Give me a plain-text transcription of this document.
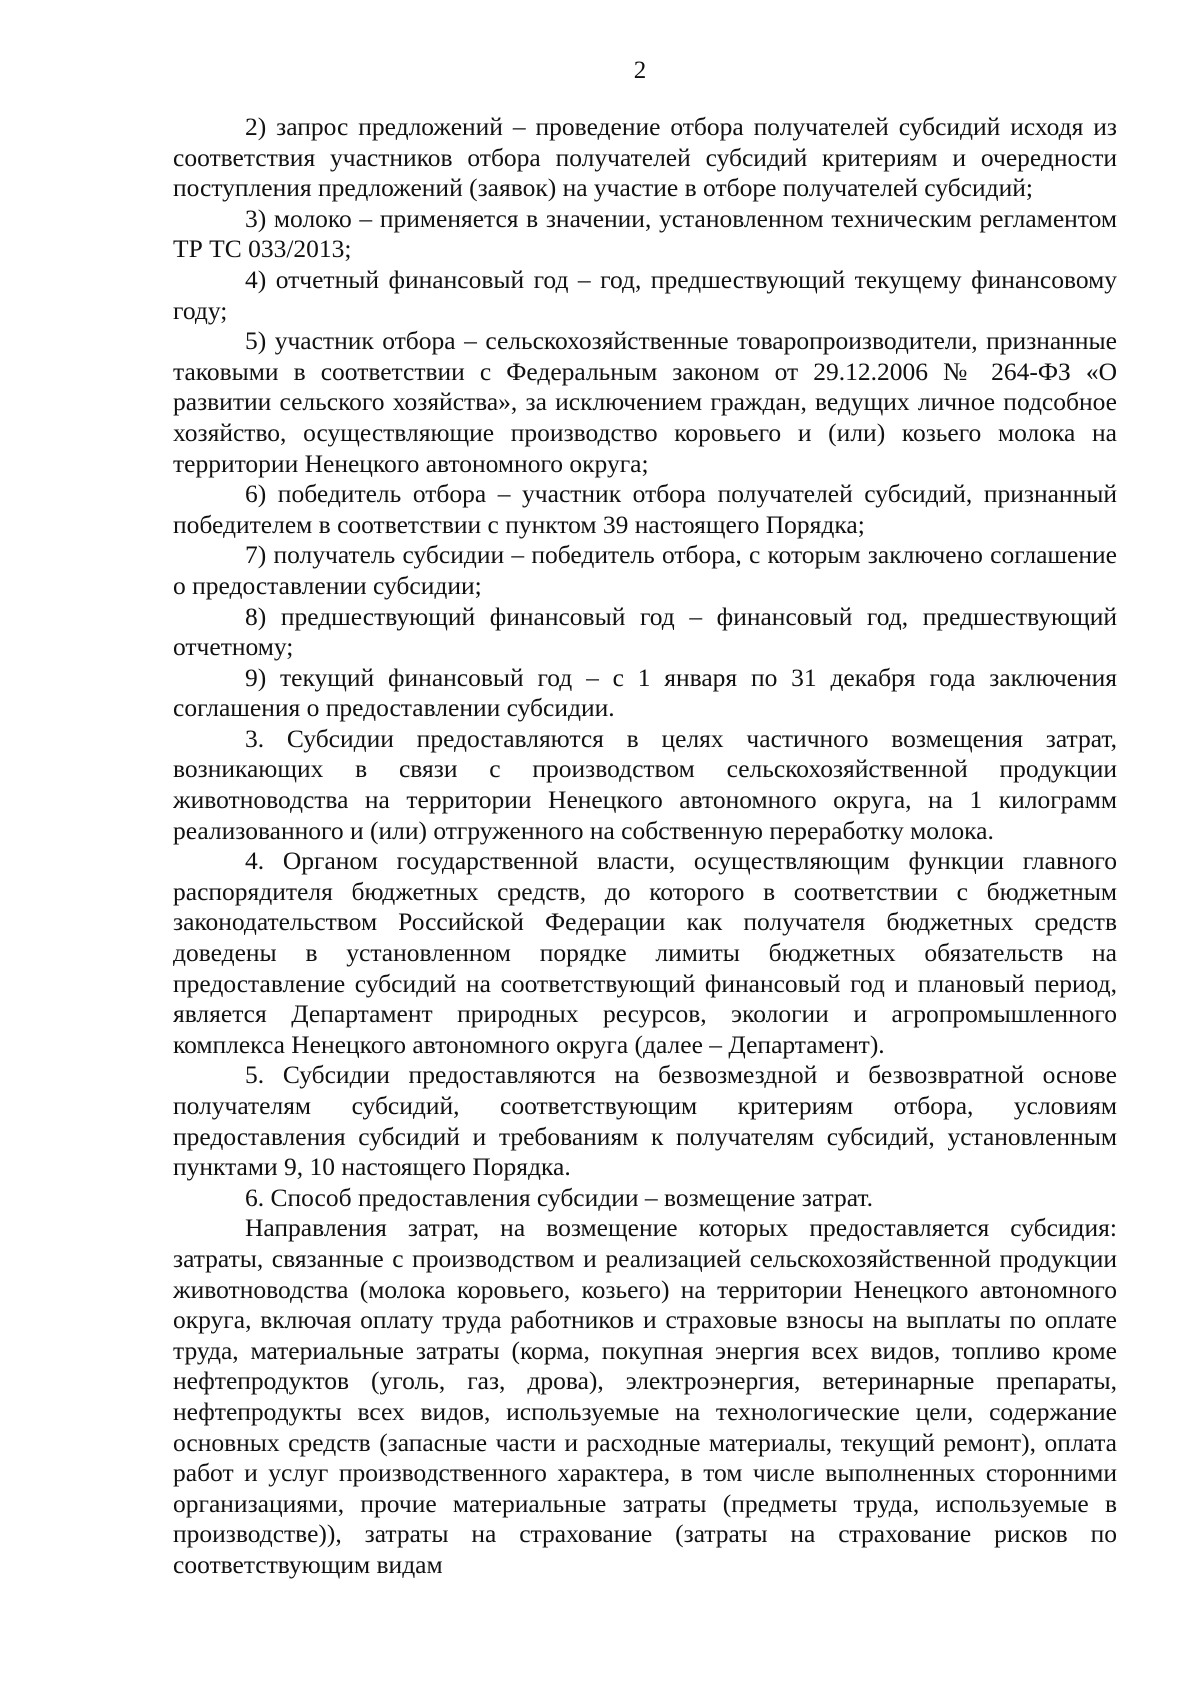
2

2) запрос предложений – проведение отбора получателей субсидий исходя из соответствия участников отбора получателей субсидий критериям и очередности поступления предложений (заявок) на участие в отборе получателей субсидий;

3) молоко – применяется в значении, установленном техническим регламентом ТР ТС 033/2013;

4) отчетный финансовый год – год, предшествующий текущему финансовому году;

5) участник отбора – сельскохозяйственные товаропроизводители, признанные таковыми в соответствии с Федеральным законом от 29.12.2006 № 264-ФЗ «О развитии сельского хозяйства», за исключением граждан, ведущих личное подсобное хозяйство, осуществляющие производство коровьего и (или) козьего молока на территории Ненецкого автономного округа;

6) победитель отбора – участник отбора получателей субсидий, признанный победителем в соответствии с пунктом 39 настоящего Порядка;

7) получатель субсидии – победитель отбора, с которым заключено соглашение о предоставлении субсидии;

8) предшествующий финансовый год – финансовый год, предшествующий отчетному;

9) текущий финансовый год – с 1 января по 31 декабря года заключения соглашения о предоставлении субсидии.

3. Субсидии предоставляются в целях частичного возмещения затрат, возникающих в связи с производством сельскохозяйственной продукции животноводства на территории Ненецкого автономного округа, на 1 килограмм реализованного и (или) отгруженного на собственную переработку молока.

4. Органом государственной власти, осуществляющим функции главного распорядителя бюджетных средств, до которого в соответствии с бюджетным законодательством Российской Федерации как получателя бюджетных средств доведены в установленном порядке лимиты бюджетных обязательств на предоставление субсидий на соответствующий финансовый год и плановый период, является Департамент природных ресурсов, экологии и агропромышленного комплекса Ненецкого автономного округа (далее – Департамент).

5. Субсидии предоставляются на безвозмездной и безвозвратной основе получателям субсидий, соответствующим критериям отбора, условиям предоставления субсидий и требованиям к получателям субсидий, установленным пунктами 9, 10 настоящего Порядка.

6. Способ предоставления субсидии – возмещение затрат.

Направления затрат, на возмещение которых предоставляется субсидия: затраты, связанные с производством и реализацией сельскохозяйственной продукции животноводства (молока коровьего, козьего) на территории Ненецкого автономного округа, включая оплату труда работников и страховые взносы на выплаты по оплате труда, материальные затраты (корма, покупная энергия всех видов, топливо кроме нефтепродуктов (уголь, газ, дрова), электроэнергия, ветеринарные препараты, нефтепродукты всех видов, используемые на технологические цели, содержание основных средств (запасные части и расходные материалы, текущий ремонт), оплата работ и услуг производственного характера, в том числе выполненных сторонними организациями, прочие материальные затраты (предметы труда, используемые в производстве)), затраты на страхование (затраты на страхование рисков по соответствующим видам
